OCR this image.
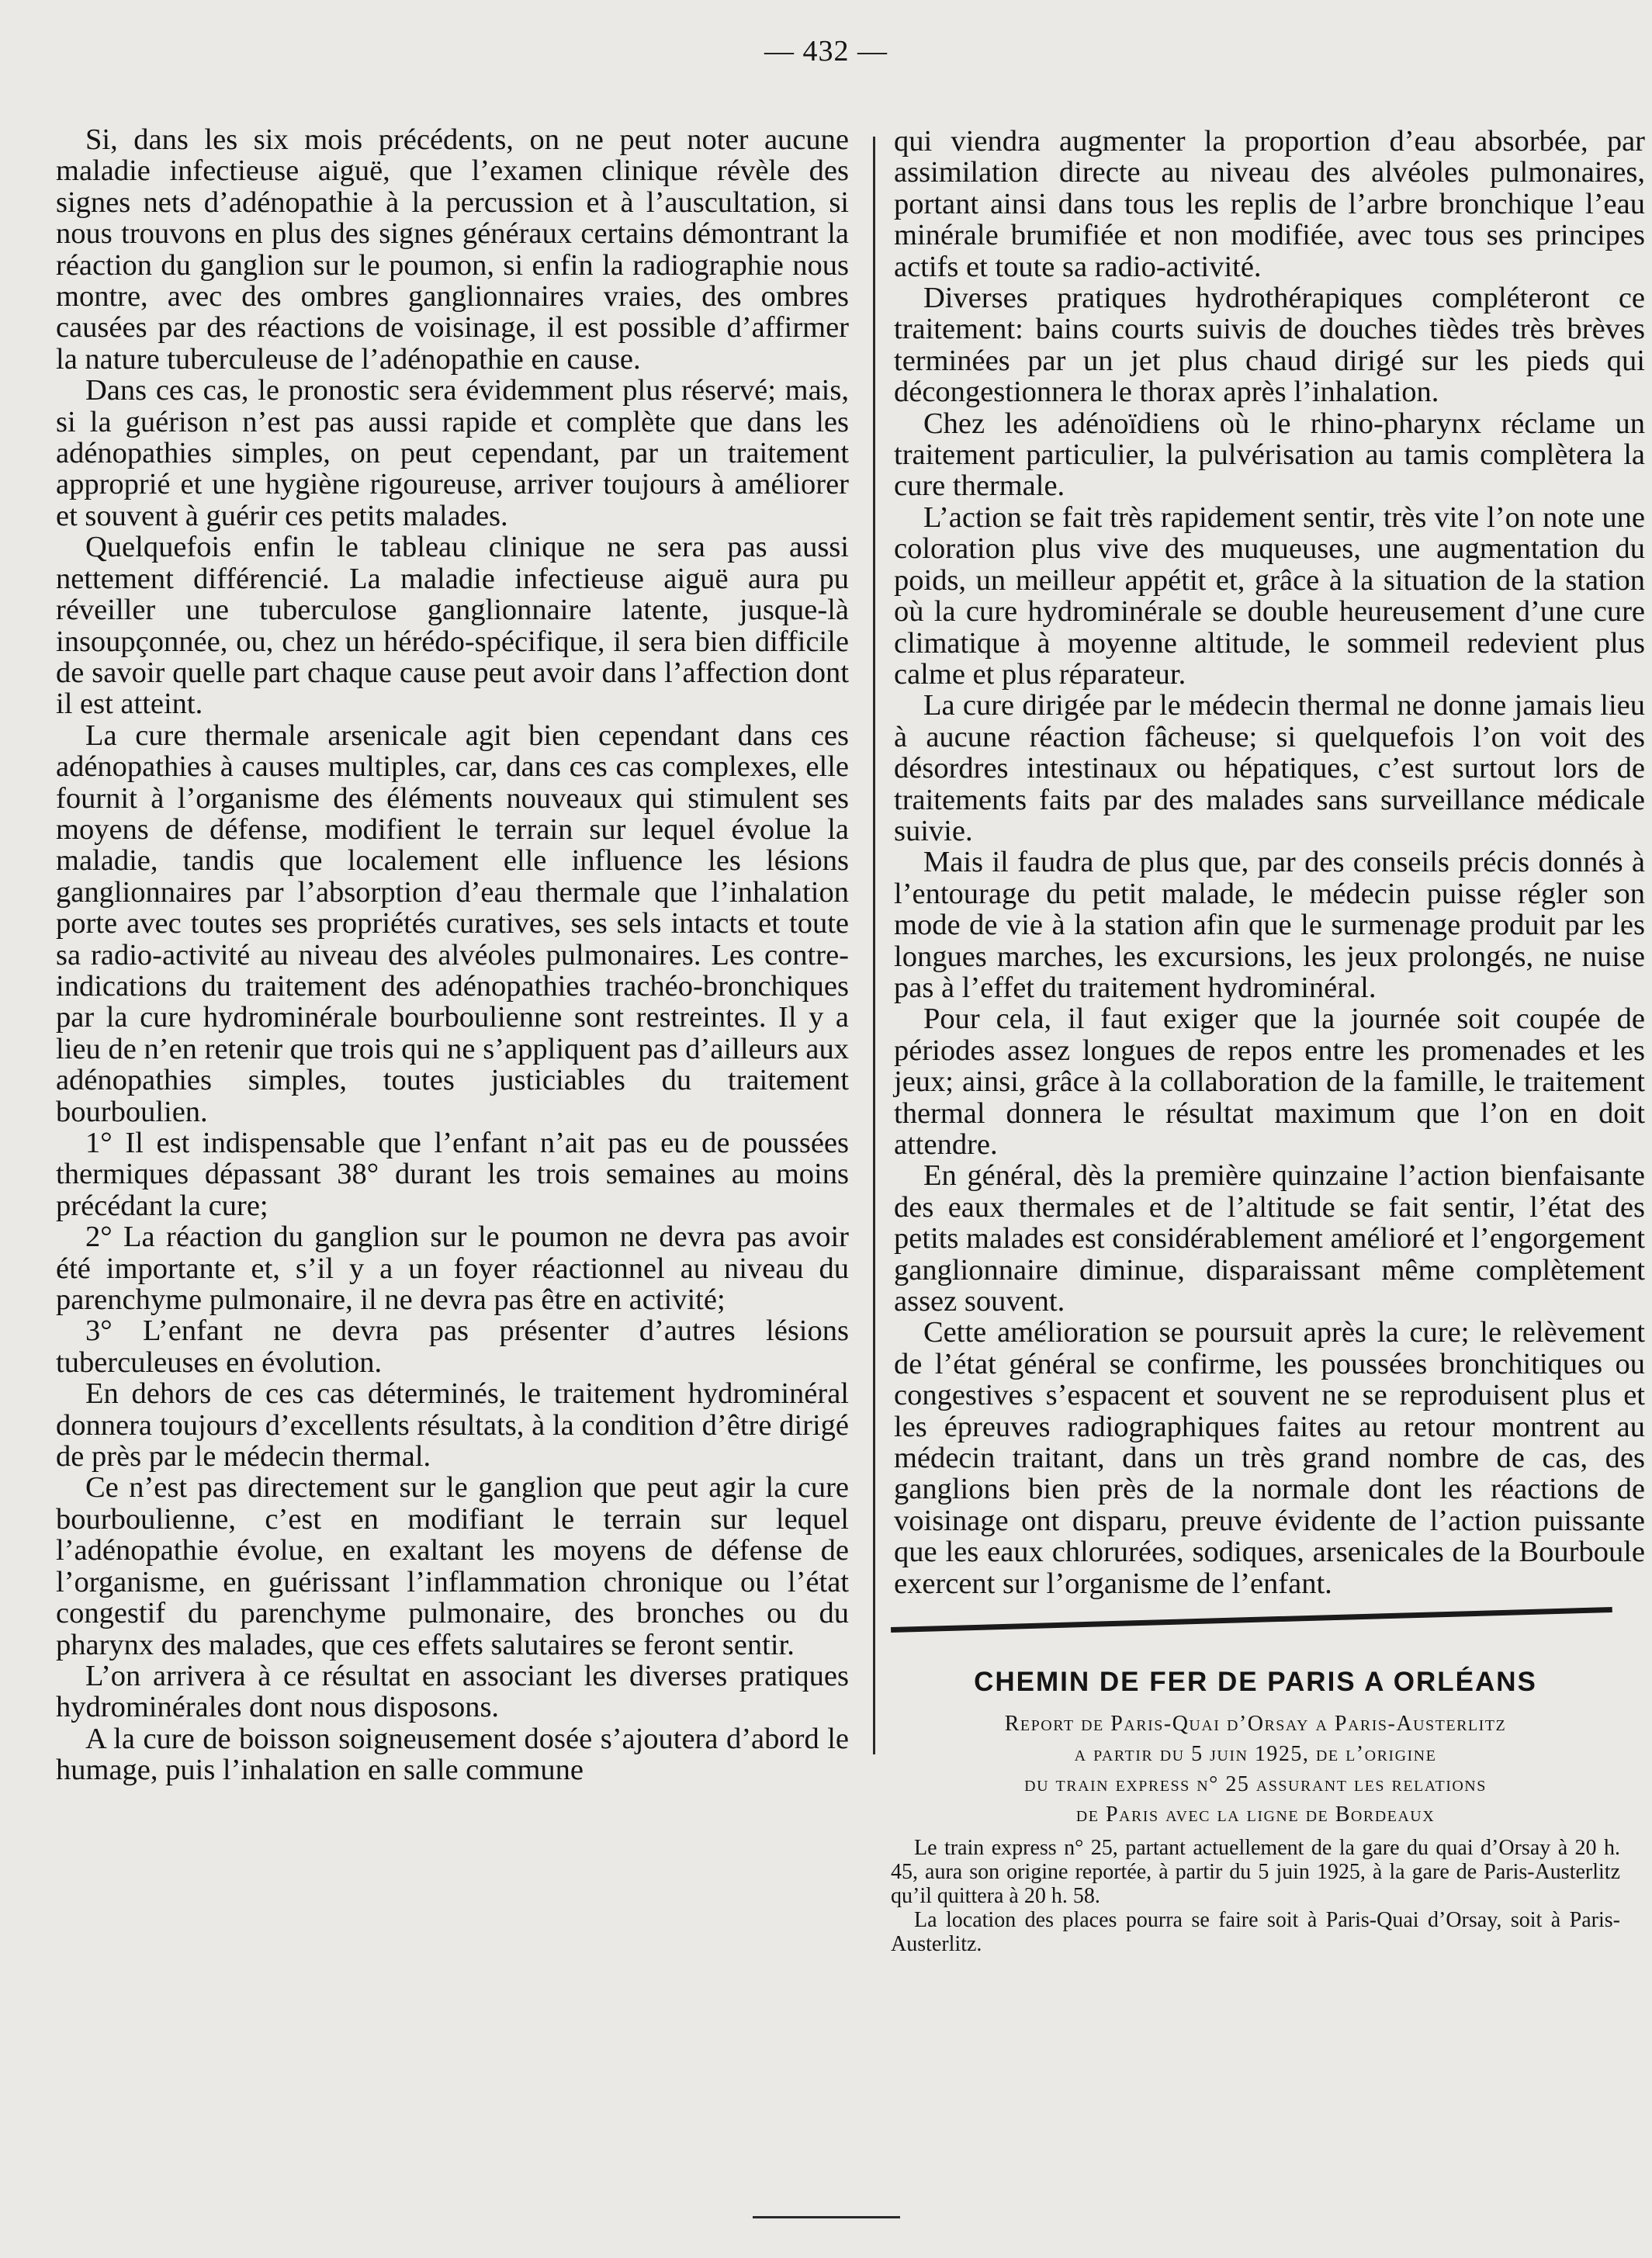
— 432 —

Si, dans les six mois précédents, on ne peut noter aucune maladie infectieuse aiguë, que l’examen clinique révèle des signes nets d’adénopathie à la percussion et à l’auscultation, si nous trouvons en plus des signes généraux certains démontrant la réaction du ganglion sur le poumon, si enfin la radiographie nous montre, avec des ombres ganglionnaires vraies, des ombres causées par des réactions de voisinage, il est possible d’affirmer la nature tuberculeuse de l’adénopathie en cause.

Dans ces cas, le pronostic sera évidemment plus réservé; mais, si la guérison n’est pas aussi rapide et complète que dans les adénopathies simples, on peut cependant, par un traitement approprié et une hygiène rigoureuse, arriver toujours à améliorer et souvent à guérir ces petits malades.

Quelquefois enfin le tableau clinique ne sera pas aussi nettement différencié. La maladie infectieuse aiguë aura pu réveiller une tuberculose ganglionnaire latente, jusque-là insoupçonnée, ou, chez un hérédo-spécifique, il sera bien difficile de savoir quelle part chaque cause peut avoir dans l’affection dont il est atteint.

La cure thermale arsenicale agit bien cependant dans ces adénopathies à causes multiples, car, dans ces cas complexes, elle fournit à l’organisme des éléments nouveaux qui stimulent ses moyens de défense, modifient le terrain sur lequel évolue la maladie, tandis que localement elle influence les lésions ganglionnaires par l’absorption d’eau thermale que l’inhalation porte avec toutes ses propriétés curatives, ses sels intacts et toute sa radio-activité au niveau des alvéoles pulmonaires. Les contre-indications du traitement des adénopathies trachéo-bronchiques par la cure hydrominérale bourboulienne sont restreintes. Il y a lieu de n’en retenir que trois qui ne s’appliquent pas d’ailleurs aux adénopathies simples, toutes justiciables du traitement bourboulien.

1° Il est indispensable que l’enfant n’ait pas eu de poussées thermiques dépassant 38° durant les trois semaines au moins précédant la cure;

2° La réaction du ganglion sur le poumon ne devra pas avoir été importante et, s’il y a un foyer réactionnel au niveau du parenchyme pulmonaire, il ne devra pas être en activité;

3° L’enfant ne devra pas présenter d’autres lésions tuberculeuses en évolution.

En dehors de ces cas déterminés, le traitement hydrominéral donnera toujours d’excellents résultats, à la condition d’être dirigé de près par le médecin thermal.

Ce n’est pas directement sur le ganglion que peut agir la cure bourboulienne, c’est en modifiant le terrain sur lequel l’adénopathie évolue, en exaltant les moyens de défense de l’organisme, en guérissant l’inflammation chronique ou l’état congestif du parenchyme pulmonaire, des bronches ou du pharynx des malades, que ces effets salutaires se feront sentir.

L’on arrivera à ce résultat en associant les diverses pratiques hydrominérales dont nous disposons.

A la cure de boisson soigneusement dosée s’ajoutera d’abord le humage, puis l’inhalation en salle commune

qui viendra augmenter la proportion d’eau absorbée, par assimilation directe au niveau des alvéoles pulmonaires, portant ainsi dans tous les replis de l’arbre bronchique l’eau minérale brumifiée et non modifiée, avec tous ses principes actifs et toute sa radio-activité.

Diverses pratiques hydrothérapiques compléteront ce traitement: bains courts suivis de douches tièdes très brèves terminées par un jet plus chaud dirigé sur les pieds qui décongestionnera le thorax après l’inhalation.

Chez les adénoïdiens où le rhino-pharynx réclame un traitement particulier, la pulvérisation au tamis complètera la cure thermale.

L’action se fait très rapidement sentir, très vite l’on note une coloration plus vive des muqueuses, une augmentation du poids, un meilleur appétit et, grâce à la situation de la station où la cure hydrominérale se double heureusement d’une cure climatique à moyenne altitude, le sommeil redevient plus calme et plus réparateur.

La cure dirigée par le médecin thermal ne donne jamais lieu à aucune réaction fâcheuse; si quelquefois l’on voit des désordres intestinaux ou hépatiques, c’est surtout lors de traitements faits par des malades sans surveillance médicale suivie.

Mais il faudra de plus que, par des conseils précis donnés à l’entourage du petit malade, le médecin puisse régler son mode de vie à la station afin que le surmenage produit par les longues marches, les excursions, les jeux prolongés, ne nuise pas à l’effet du traitement hydrominéral.

Pour cela, il faut exiger que la journée soit coupée de périodes assez longues de repos entre les promenades et les jeux; ainsi, grâce à la collaboration de la famille, le traitement thermal donnera le résultat maximum que l’on en doit attendre.

En général, dès la première quinzaine l’action bienfaisante des eaux thermales et de l’altitude se fait sentir, l’état des petits malades est considérablement amélioré et l’engorgement ganglionnaire diminue, disparaissant même complètement assez souvent.

Cette amélioration se poursuit après la cure; le relèvement de l’état général se confirme, les poussées bronchitiques ou congestives s’espacent et souvent ne se reproduisent plus et les épreuves radiographiques faites au retour montrent au médecin traitant, dans un très grand nombre de cas, des ganglions bien près de la normale dont les réactions de voisinage ont disparu, preuve évidente de l’action puissante que les eaux chlorurées, sodiques, arsenicales de la Bourboule exercent sur l’organisme de l’enfant.

CHEMIN DE FER DE PARIS A ORLÉANS

Report de Paris-Quai d’Orsay a Paris-Austerlitz

a partir du 5 juin 1925, de l’origine

du train express n° 25 assurant les relations

de Paris avec la ligne de Bordeaux

Le train express n° 25, partant actuellement de la gare du quai d’Orsay à 20 h. 45, aura son origine reportée, à partir du 5 juin 1925, à la gare de Paris-Austerlitz qu’il quittera à 20 h. 58.

La location des places pourra se faire soit à Paris-Quai d’Orsay, soit à Paris-Austerlitz.
